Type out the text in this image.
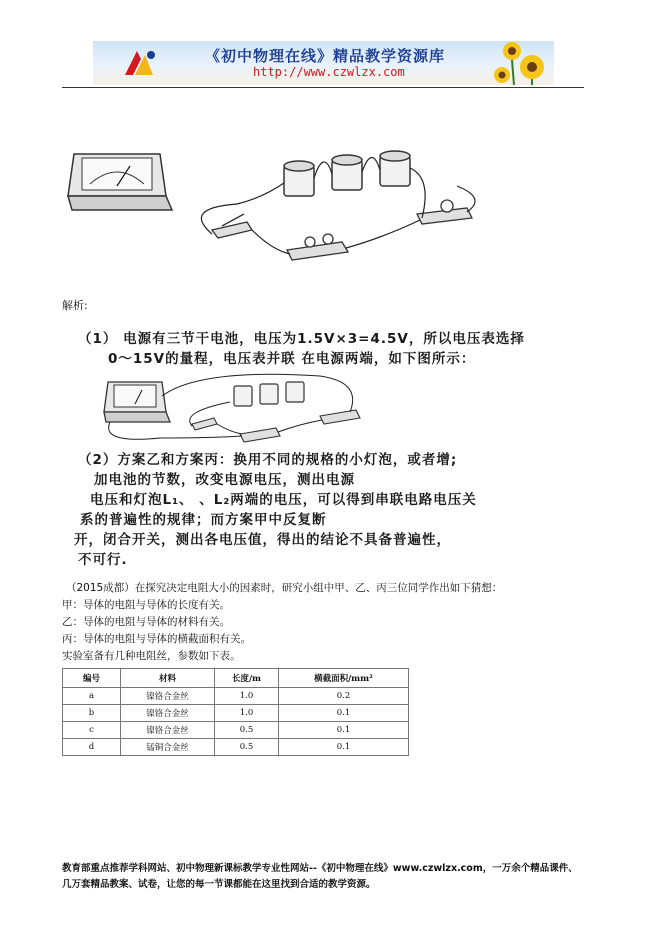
《初中物理在线》精品教学资源库
http://www.czwlzx.com
解析:
（1） 电源有三节干电池，电压为1.5V×3=4.5V，所以电压表选择
0～15V的量程，电压表并联 在电源两端，如下图所示：
（2）方案乙和方案丙：换用不同的规格的小灯泡，或者增;
加电池的节数，改变电源电压，测出电源
电压和灯泡L₁、 、L₂两端的电压，可以得到串联电路电压关
系的普遍性的规律；而方案甲中反复断
开，闭合开关，测出各电压值，得出的结论不具备普遍性，
不可行.
（2015成都）在探究决定电阻大小的因素时，研究小组中甲、乙、丙三位同学作出如下猜想：
甲：导体的电阻与导体的长度有关。
乙：导体的电阻与导体的材料有关。
丙：导体的电阻与导体的横截面积有关。
实验室备有几种电阻丝，参数如下表。
编号	材料	长度/m	横截面积/mm²
a	镍铬合金丝	1.0	0.2
b	镍铬合金丝	1.0	0.1
c	镍铬合金丝	0.5	0.1
d	锰铜合金丝	0.5	0.1
教育部重点推荐学科网站、初中物理新课标教学专业性网站--《初中物理在线》www.czwlzx.com，一万余个精品课件、
几万套精品教案、试卷，让您的每一节课都能在这里找到合适的教学资源。
